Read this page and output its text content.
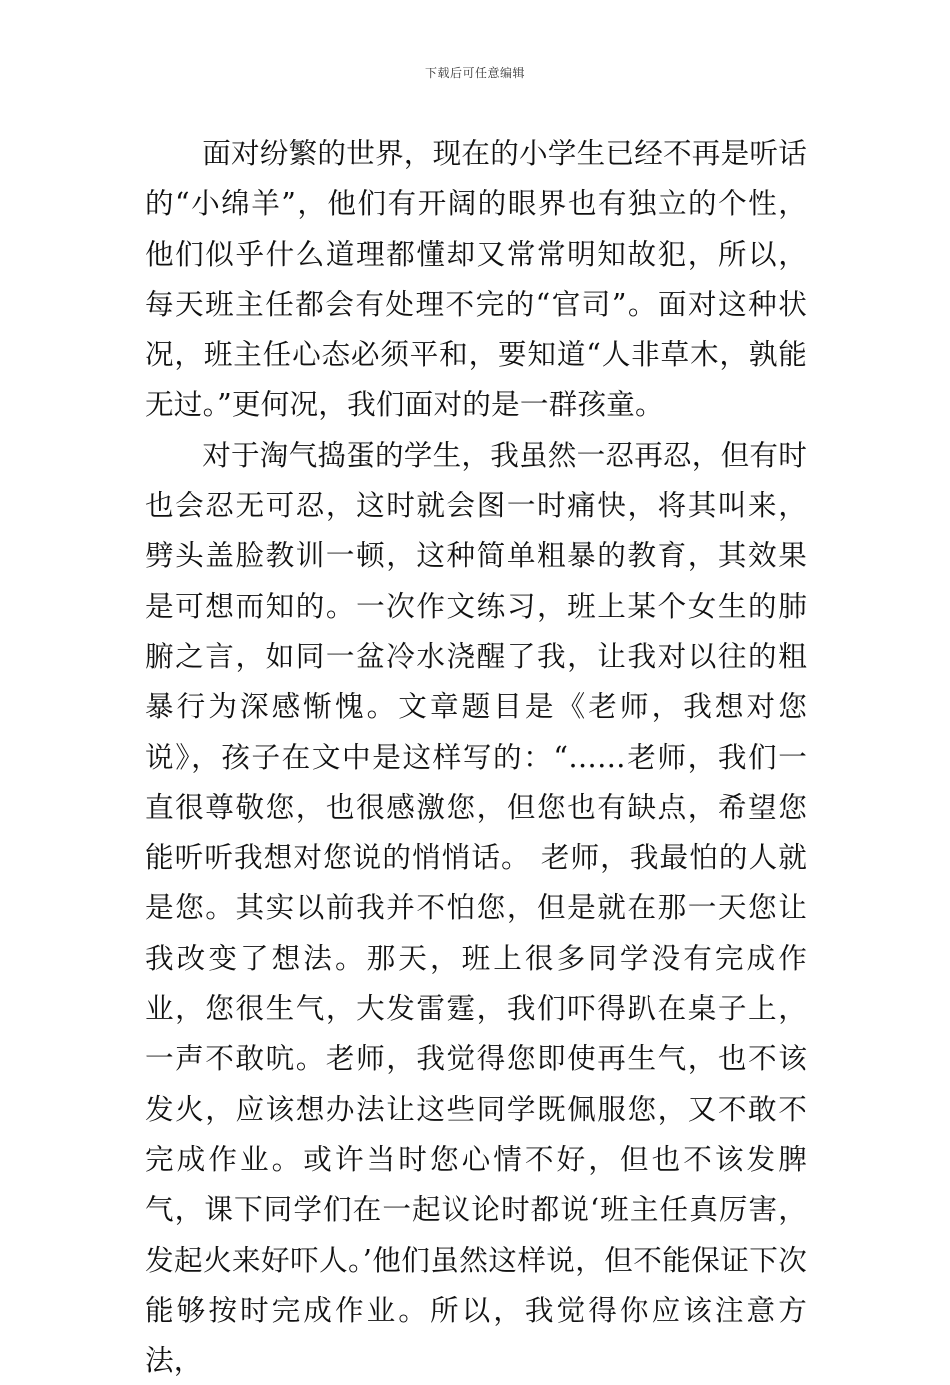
下载后可任意编辑

面对纷繁的世界，现在的小学生已经不再是听话的“小绵羊”，他们有开阔的眼界也有独立的个性，他们似乎什么道理都懂却又常常明知故犯，所以，每天班主任都会有处理不完的“官司”。面对这种状况，班主任心态必须平和，要知道“人非草木，孰能无过。”更何况，我们面对的是一群孩童。

对于淘气捣蛋的学生，我虽然一忍再忍，但有时也会忍无可忍，这时就会图一时痛快，将其叫来，劈头盖脸教训一顿，这种简单粗暴的教育，其效果是可想而知的。一次作文练习，班上某个女生的肺腑之言，如同一盆冷水浇醒了我，让我对以往的粗暴行为深感惭愧。文章题目是《老师，我想对您说》，孩子在文中是这样写的：“……老师，我们一直很尊敬您，也很感激您，但您也有缺点，希望您能听听我想对您说的悄悄话。 老师，我最怕的人就是您。其实以前我并不怕您，但是就在那一天您让我改变了想法。那天，班上很多同学没有完成作业，您很生气，大发雷霆，我们吓得趴在桌子上，一声不敢吭。老师，我觉得您即使再生气，也不该发火，应该想办法让这些同学既佩服您，又不敢不完成作业。或许当时您心情不好，但也不该发脾气，课下同学们在一起议论时都说‘班主任真厉害，发起火来好吓人。’他们虽然这样说，但不能保证下次能够按时完成作业。所以，我觉得你应该注意方法，
